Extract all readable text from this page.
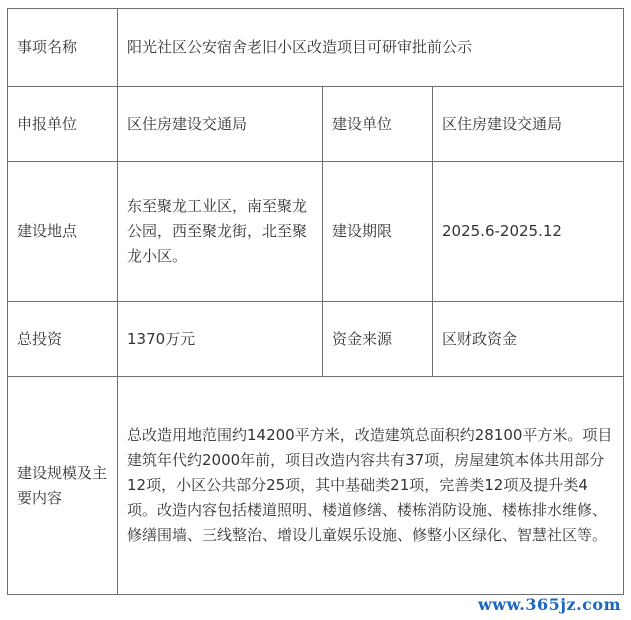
事项名称	阳光社区公安宿舍老旧小区改造项目可研审批前公示		
申报单位	区住房建设交通局	建设单位	区住房建设交通局
建设地点	东至聚龙工业区，南至聚龙公园，西至聚龙街，北至聚龙小区。	建设期限	2025.6-2025.12
总投资	1370万元	资金来源	区财政资金
建设规模及主要内容	总改造用地范围约14200平方米，改造建筑总面积约28100平方米。项目建筑年代约2000年前，项目改造内容共有37项，房屋建筑本体共用部分12项，小区公共部分25项，其中基础类21项，完善类12项及提升类4项。改造内容包括楼道照明、楼道修缮、楼栋消防设施、楼栋排水维修、修缮围墙、三线整治、增设儿童娱乐设施、修整小区绿化、智慧社区等。		
www.365jz.com
